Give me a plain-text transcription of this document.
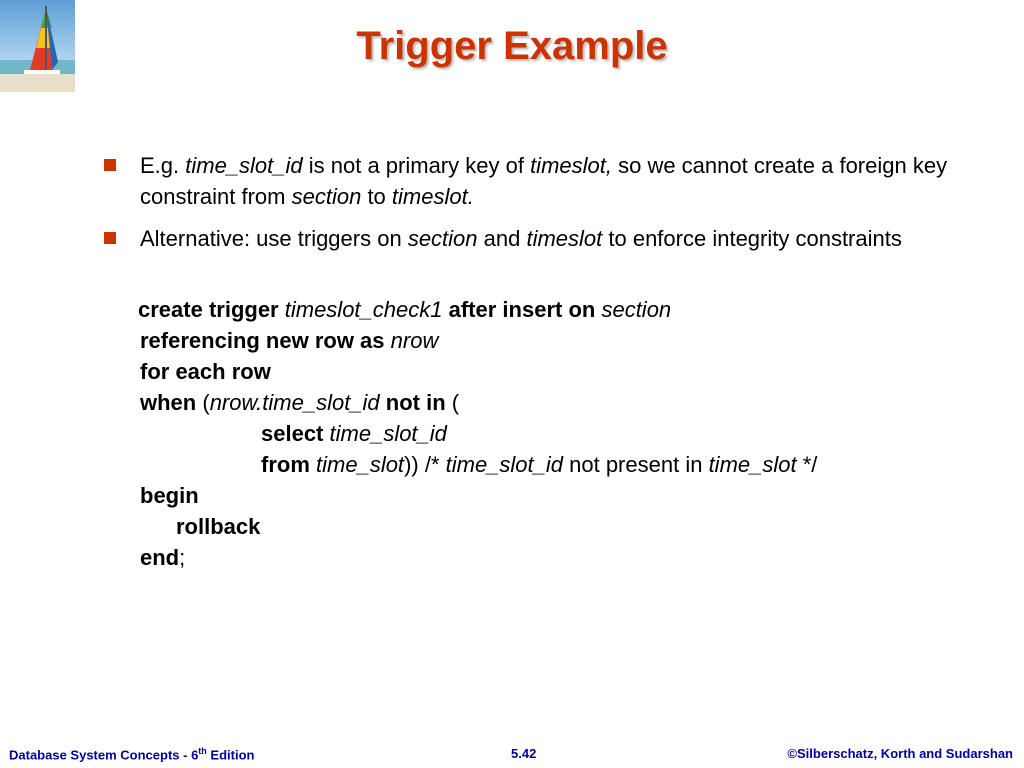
Trigger Example
E.g. time_slot_id is not a primary key of timeslot, so we cannot create a foreign key constraint from section to timeslot.
Alternative: use triggers on section and timeslot to enforce integrity constraints
create trigger timeslot_check1 after insert on section
referencing new row as nrow
for each row
when (nrow.time_slot_id not in (
select time_slot_id
from time_slot)) /* time_slot_id not present in time_slot */
begin
rollback
end;
Database System Concepts - 6th Edition	5.42	©Silberschatz, Korth and Sudarshan
